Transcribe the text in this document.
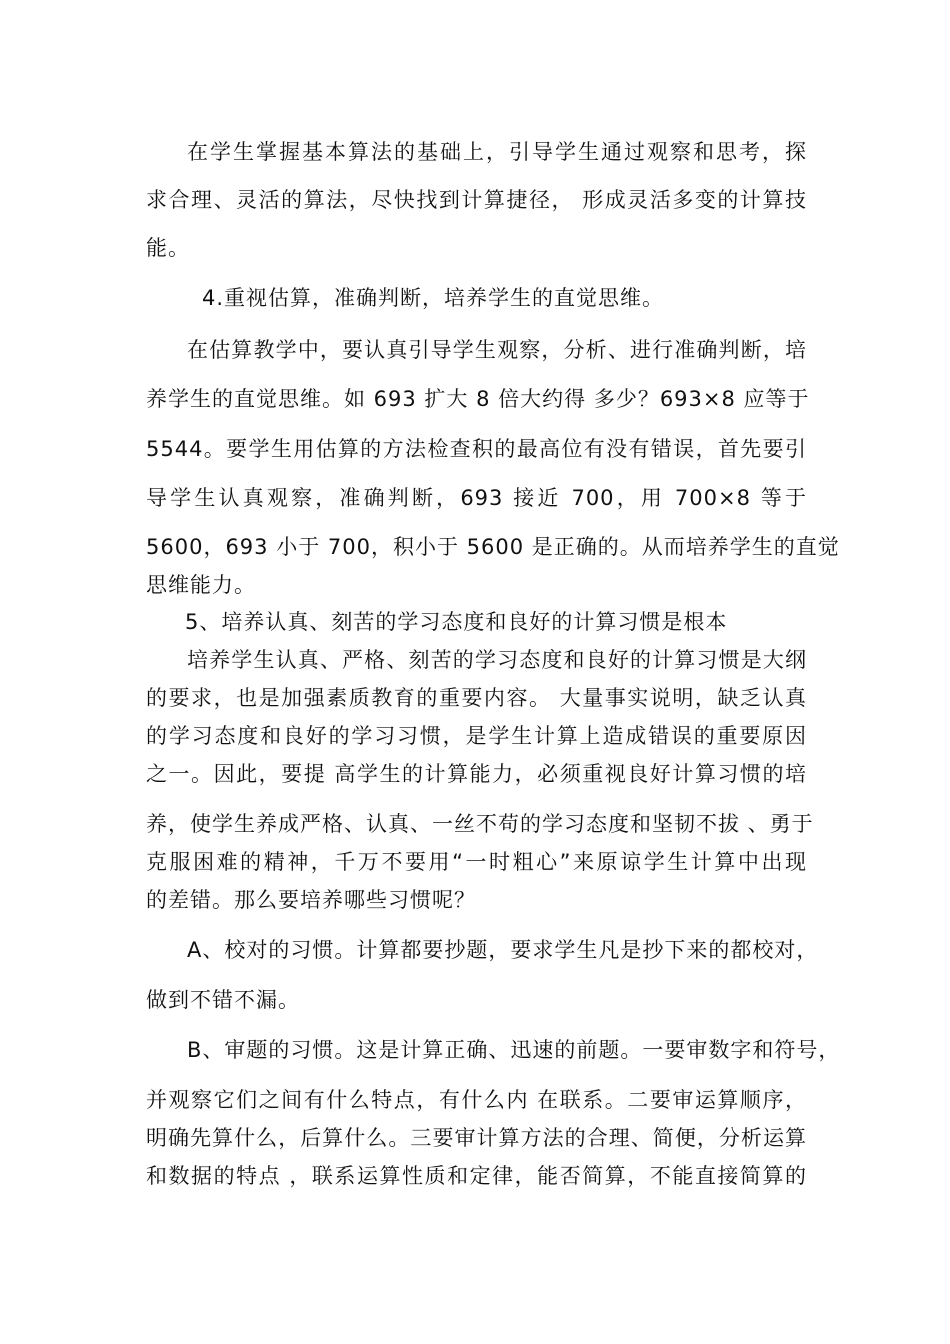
在学生掌握基本算法的基础上，引导学生通过观察和思考，探
求合理、灵活的算法，尽快找到计算捷径， 形成灵活多变的计算技
能。
4.重视估算，准确判断，培养学生的直觉思维。
在估算教学中，要认真引导学生观察，分析、进行准确判断，培
养学生的直觉思维。如 693 扩大 8 倍大约得 多少？693×8 应等于
5544。要学生用估算的方法检查积的最高位有没有错误，首先要引
导学生认真观察，准确判断，693 接近 700，用 700×8 等于
5600，693 小于 700，积小于 5600 是正确的。从而培养学生的直觉
思维能力。
5、培养认真、刻苦的学习态度和良好的计算习惯是根本
培养学生认真、严格、刻苦的学习态度和良好的计算习惯是大纲
的要求，也是加强素质教育的重要内容。 大量事实说明，缺乏认真
的学习态度和良好的学习习惯，是学生计算上造成错误的重要原因
之一。因此，要提 高学生的计算能力，必须重视良好计算习惯的培
养，使学生养成严格、认真、一丝不苟的学习态度和坚韧不拔 、勇于
克服困难的精神，千万不要用“一时粗心”来原谅学生计算中出现
的差错。那么要培养哪些习惯呢？
A、校对的习惯。计算都要抄题，要求学生凡是抄下来的都校对，
做到不错不漏。
B、审题的习惯。这是计算正确、迅速的前题。一要审数字和符号，
并观察它们之间有什么特点，有什么内 在联系。二要审运算顺序，
明确先算什么，后算什么。三要审计算方法的合理、简便，分析运算
和数据的特点 ，联系运算性质和定律，能否简算，不能直接简算的
